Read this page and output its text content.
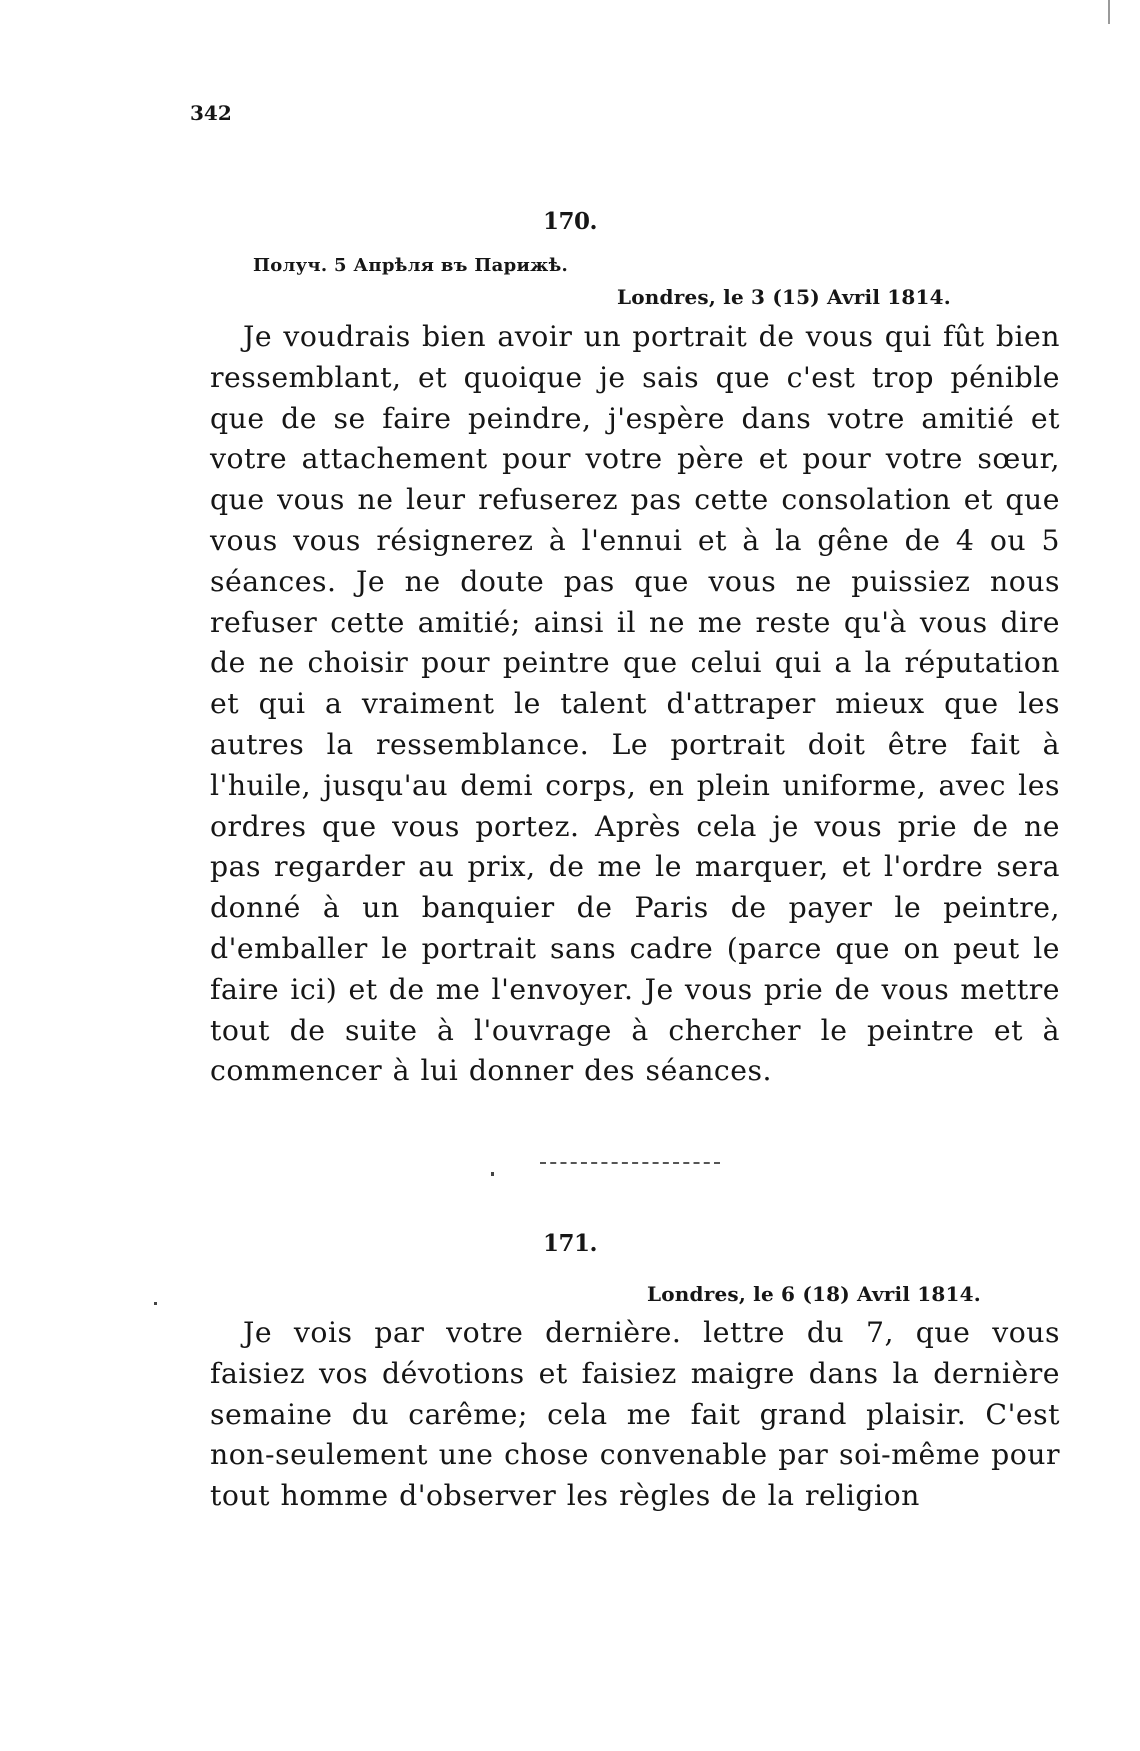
342
170.
Получ. 5 Апрѣля въ Парижѣ.
Londres, le 3 (15) Avril 1814.

Je voudrais bien avoir un portrait de vous qui fût bien ressemblant, et quoique je sais que c'est trop pénible que de se faire peindre, j'espère dans votre amitié et votre attachement pour votre père et pour votre sœur, que vous ne leur refuserez pas cette consolation et que vous vous résignerez à l'ennui et à la gêne de 4 ou 5 séances. Je ne doute pas que vous ne puissiez nous refuser cette amitié; ainsi il ne me reste qu'à vous dire de ne choisir pour peintre que celui qui a la réputation et qui a vraiment le talent d'attraper mieux que les autres la ressemblance. Le portrait doit être fait à l'huile, jusqu'au demi corps, en plein uniforme, avec les ordres que vous portez. Après cela je vous prie de ne pas regarder au prix, de me le marquer, et l'ordre sera donné à un banquier de Paris de payer le peintre, d'emballer le portrait sans cadre (parce que on peut le faire ici) et de me l'envoyer. Je vous prie de vous mettre tout de suite à l'ouvrage à chercher le peintre et à commencer à lui donner des séances.

171.
Londres, le 6 (18) Avril 1814.

Je vois par votre dernière. lettre du 7, que vous faisiez vos dévotions et faisiez maigre dans la dernière semaine du carême; cela me fait grand plaisir. C'est non-seulement une chose convenable par soi-même pour tout homme d'observer les règles de la religion
